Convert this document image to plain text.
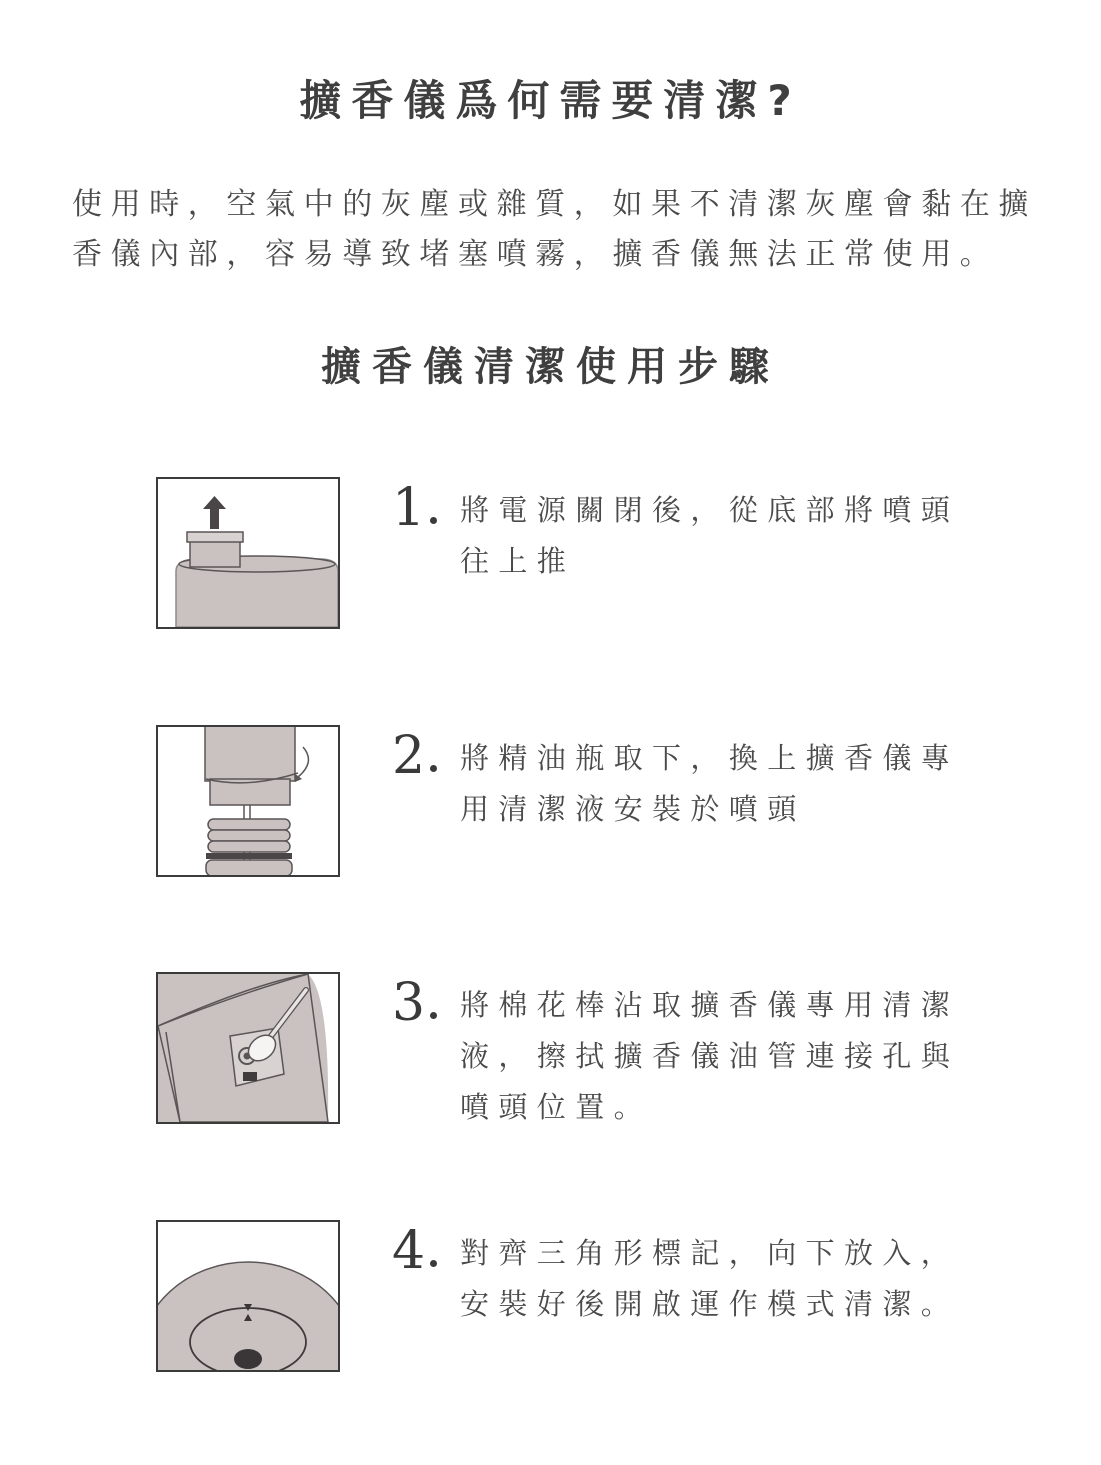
擴香儀爲何需要清潔?
使用時，空氣中的灰塵或雜質，如果不清潔灰塵會黏在擴
香儀內部，容易導致堵塞噴霧，擴香儀無法正常使用。
擴香儀清潔使用步驟
1 將電源關閉後，從底部將噴頭
往上推
2 將精油瓶取下，換上擴香儀專
用清潔液安裝於噴頭
3 將棉花棒沾取擴香儀專用清潔
液，擦拭擴香儀油管連接孔與
噴頭位置。
4 對齊三角形標記，向下放入，
安裝好後開啟運作模式清潔。
